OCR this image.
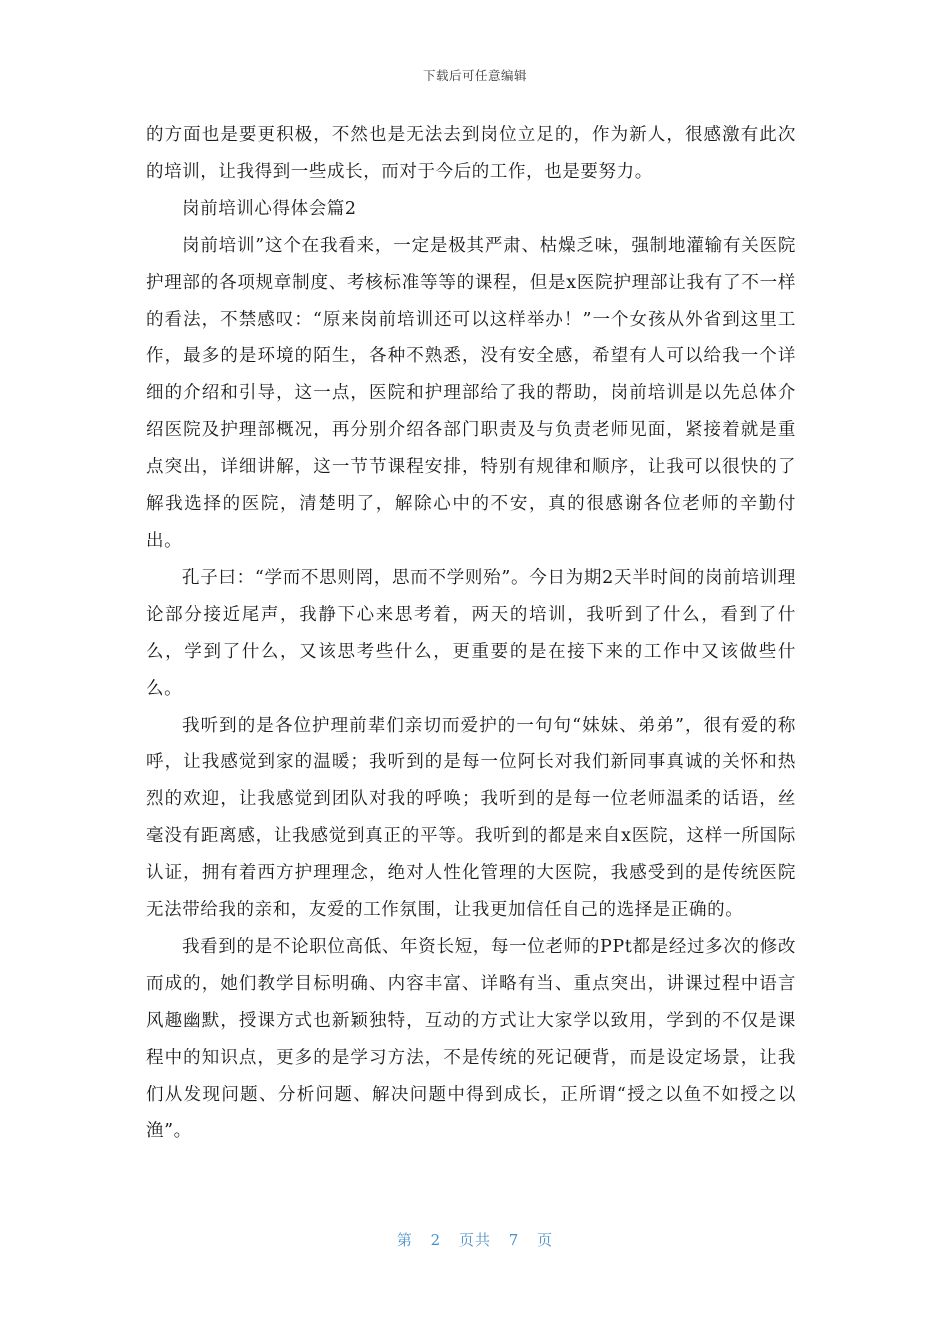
下载后可任意编辑

的方面也是要更积极，不然也是无法去到岗位立足的，作为新人，很感激有此次的培训，让我得到一些成长，而对于今后的工作，也是要努力。

岗前培训心得体会篇2

岗前培训”这个在我看来，一定是极其严肃、枯燥乏味，强制地灌输有关医院护理部的各项规章制度、考核标准等等的课程，但是x医院护理部让我有了不一样的看法，不禁感叹：“原来岗前培训还可以这样举办！”一个女孩从外省到这里工作，最多的是环境的陌生，各种不熟悉，没有安全感，希望有人可以给我一个详细的介绍和引导，这一点，医院和护理部给了我的帮助，岗前培训是以先总体介绍医院及护理部概况，再分别介绍各部门职责及与负责老师见面，紧接着就是重点突出，详细讲解，这一节节课程安排，特别有规律和顺序，让我可以很快的了解我选择的医院，清楚明了，解除心中的不安，真的很感谢各位老师的辛勤付出。

孔子曰：“学而不思则罔，思而不学则殆”。今日为期2天半时间的岗前培训理论部分接近尾声，我静下心来思考着，两天的培训，我听到了什么，看到了什么，学到了什么，又该思考些什么，更重要的是在接下来的工作中又该做些什么。

我听到的是各位护理前辈们亲切而爱护的一句句“妹妹、弟弟”，很有爱的称呼，让我感觉到家的温暖；我听到的是每一位阿长对我们新同事真诚的关怀和热烈的欢迎，让我感觉到团队对我的呼唤；我听到的是每一位老师温柔的话语，丝毫没有距离感，让我感觉到真正的平等。我听到的都是来自x医院，这样一所国际认证，拥有着西方护理理念，绝对人性化管理的大医院，我感受到的是传统医院无法带给我的亲和，友爱的工作氛围，让我更加信任自己的选择是正确的。

我看到的是不论职位高低、年资长短，每一位老师的PPt都是经过多次的修改而成的，她们教学目标明确、内容丰富、详略有当、重点突出，讲课过程中语言风趣幽默，授课方式也新颖独特，互动的方式让大家学以致用，学到的不仅是课程中的知识点，更多的是学习方法，不是传统的死记硬背，而是设定场景，让我们从发现问题、分析问题、解决问题中得到成长，正所谓“授之以鱼不如授之以渔”。

第 2 页共 7 页
